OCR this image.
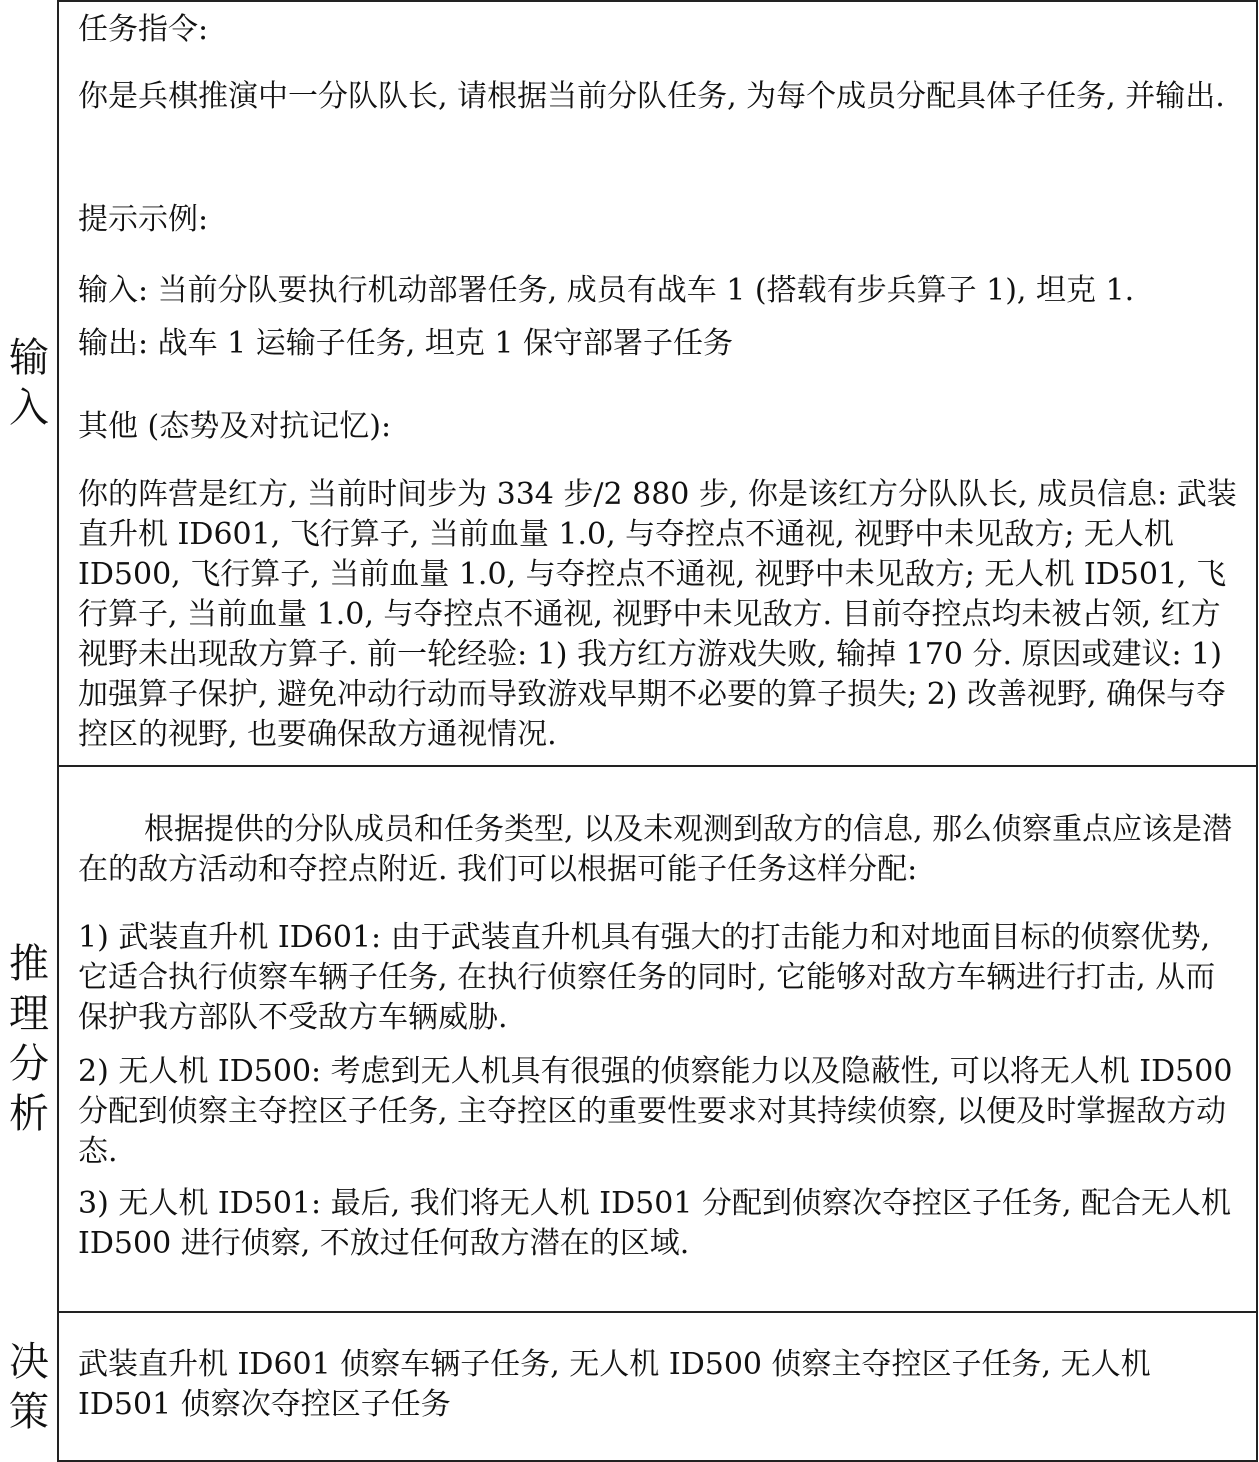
输入

任务指令:

你是兵棋推演中一分队队长, 请根据当前分队任务, 为每个成员分配具体子任务, 并输出.

提示示例:

输入: 当前分队要执行机动部署任务, 成员有战车 1 (搭载有步兵算子 1), 坦克 1.

输出: 战车 1 运输子任务, 坦克 1 保守部署子任务

其他 (态势及对抗记忆):

你的阵营是红方, 当前时间步为 334 步/2 880 步, 你是该红方分队队长, 成员信息: 武装直升机 ID601, 飞行算子, 当前血量 1.0, 与夺控点不通视, 视野中未见敌方; 无人机 ID500, 飞行算子, 当前血量 1.0, 与夺控点不通视, 视野中未见敌方; 无人机 ID501, 飞行算子, 当前血量 1.0, 与夺控点不通视, 视野中未见敌方. 目前夺控点均未被占领, 红方视野未出现敌方算子. 前一轮经验: 1) 我方红方游戏失败, 输掉 170 分. 原因或建议: 1) 加强算子保护, 避免冲动行动而导致游戏早期不必要的算子损失; 2) 改善视野, 确保与夺控区的视野, 也要确保敌方通视情况.

推理分析

根据提供的分队成员和任务类型, 以及未观测到敌方的信息, 那么侦察重点应该是潜在的敌方活动和夺控点附近. 我们可以根据可能子任务这样分配:

1) 武装直升机 ID601: 由于武装直升机具有强大的打击能力和对地面目标的侦察优势, 它适合执行侦察车辆子任务, 在执行侦察任务的同时, 它能够对敌方车辆进行打击, 从而保护我方部队不受敌方车辆威胁.

2) 无人机 ID500: 考虑到无人机具有很强的侦察能力以及隐蔽性, 可以将无人机 ID500 分配到侦察主夺控区子任务, 主夺控区的重要性要求对其持续侦察, 以便及时掌握敌方动态.

3) 无人机 ID501: 最后, 我们将无人机 ID501 分配到侦察次夺控区子任务, 配合无人机 ID500 进行侦察, 不放过任何敌方潜在的区域.

决策

武装直升机 ID601 侦察车辆子任务, 无人机 ID500 侦察主夺控区子任务, 无人机 ID501 侦察次夺控区子任务
